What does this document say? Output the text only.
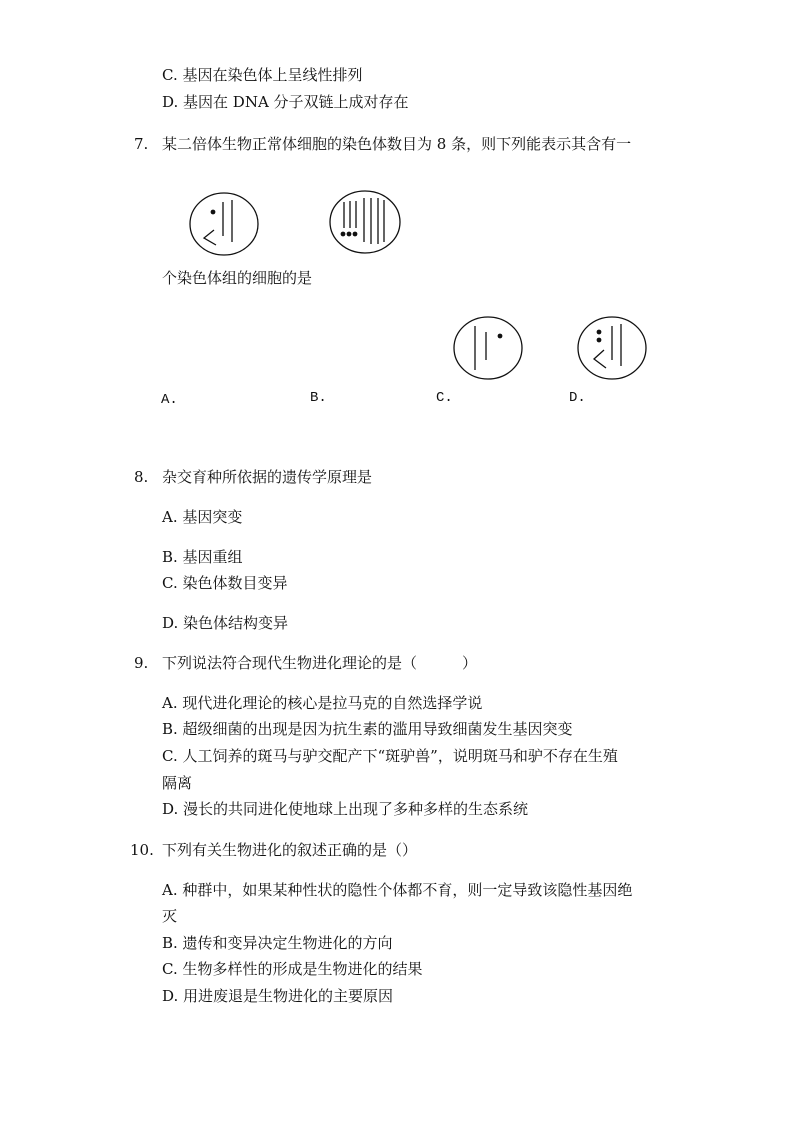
C. 基因在染色体上呈线性排列
D. 基因在 DNA 分子双链上成对存在
7. 某二倍体生物正常体细胞的染色体数目为 8 条，则下列能表示其含有一
个染色体组的细胞的是
A.	B.	C.	D.
8. 杂交育种所依据的遗传学原理是
A. 基因突变
B. 基因重组
C. 染色体数目变异
D. 染色体结构变异
9. 下列说法符合现代生物进化理论的是（　　　）
A. 现代进化理论的核心是拉马克的自然选择学说
B. 超级细菌的出现是因为抗生素的滥用导致细菌发生基因突变
C. 人工饲养的斑马与驴交配产下“斑驴兽”，说明斑马和驴不存在生殖
隔离
D. 漫长的共同进化使地球上出现了多种多样的生态系统
10. 下列有关生物进化的叙述正确的是（）
A. 种群中，如果某种性状的隐性个体都不育，则一定导致该隐性基因绝
灭
B. 遗传和变异决定生物进化的方向
C. 生物多样性的形成是生物进化的结果
D. 用进废退是生物进化的主要原因
